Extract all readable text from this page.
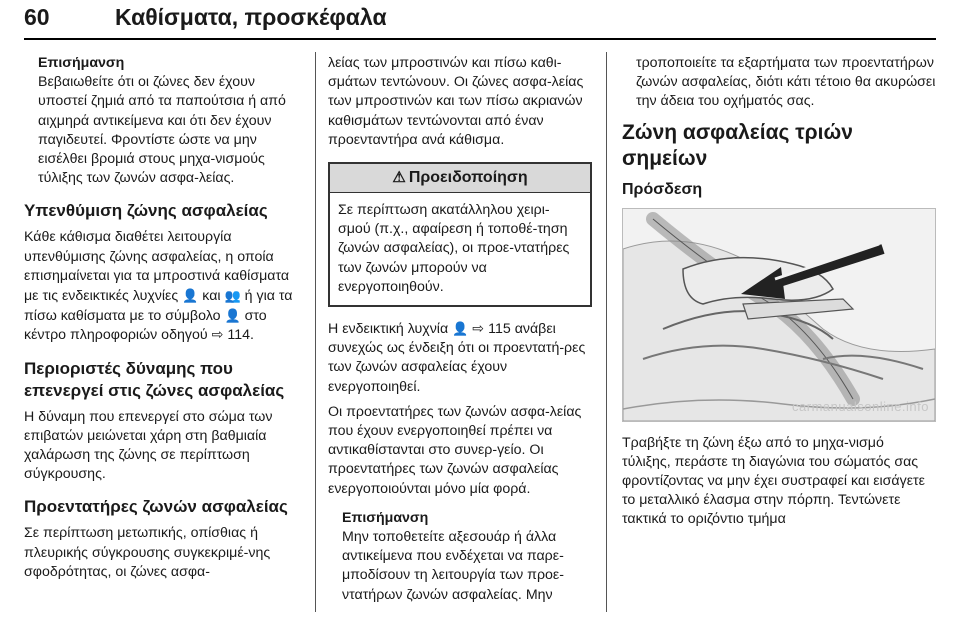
60	Καθίσματα, προσκέφαλα

Επισήμανση

Βεβαιωθείτε ότι οι ζώνες δεν έχουν υποστεί ζημιά από τα παπούτσια ή από αιχμηρά αντικείμενα και ότι δεν έχουν παγιδευτεί. Φροντίστε ώστε να μην εισέλθει βρομιά στους μηχα-νισμούς τύλιξης των ζωνών ασφα-λείας.

Υπενθύμιση ζώνης ασφαλείας

Κάθε κάθισμα διαθέτει λειτουργία υπενθύμισης ζώνης ασφαλείας, η οποία επισημαίνεται για τα μπροστινά καθίσματα με τις ενδεικτικές λυχνίες 👤 και 👥 ή για τα πίσω καθίσματα με το σύμβολο 👤 στο κέντρο πληροφοριών οδηγού ⇨ 114.

Περιοριστές δύναμης που επενεργεί στις ζώνες ασφαλείας

Η δύναμη που επενεργεί στο σώμα των επιβατών μειώνεται χάρη στη βαθμιαία χαλάρωση της ζώνης σε περίπτωση σύγκρουσης.

Προεντατήρες ζωνών ασφαλείας

Σε περίπτωση μετωπικής, οπίσθιας ή πλευρικής σύγκρουσης συγκεκριμέ-νης σφοδρότητας, οι ζώνες ασφα-

λείας των μπροστινών και πίσω καθι-σμάτων τεντώνουν. Οι ζώνες ασφα-λείας των μπροστινών και των πίσω ακριανών καθισμάτων τεντώνονται από έναν προενταντήρα ανά κάθισμα.

⚠ Προειδοποίηση
Σε περίπτωση ακατάλληλου χειρι-σμού (π.χ., αφαίρεση ή τοποθέ-τηση ζωνών ασφαλείας), οι προε-ντατήρες των ζωνών μπορούν να ενεργοποιηθούν.

Η ενδεικτική λυχνία 👤 ⇨ 115 ανάβει συνεχώς ως ένδειξη ότι οι προεντατή-ρες των ζωνών ασφαλείας έχουν ενεργοποιηθεί.

Οι προεντατήρες των ζωνών ασφα-λείας που έχουν ενεργοποιηθεί πρέπει να αντικαθίστανται στο συνερ-γείο. Οι προεντατήρες των ζωνών ασφαλείας ενεργοποιούνται μόνο μία φορά.

Επισήμανση

Μην τοποθετείτε αξεσουάρ ή άλλα αντικείμενα που ενδέχεται να παρε-μποδίσουν τη λειτουργία των προε-ντατήρων ζωνών ασφαλείας. Μην

τροποποιείτε τα εξαρτήματα των προεντατήρων ζωνών ασφαλείας, διότι κάτι τέτοιο θα ακυρώσει την άδεια του οχήματός σας.

Ζώνη ασφαλείας τριών σημείων
Πρόσδεση
carmanualsonline.info

Τραβήξτε τη ζώνη έξω από το μηχα-νισμό τύλιξης, περάστε τη διαγώνια του σώματός σας φροντίζοντας να μην έχει συστραφεί και εισάγετε το μεταλλικό έλασμα στην πόρπη. Τεντώνετε τακτικά το οριζόντιο τμήμα
